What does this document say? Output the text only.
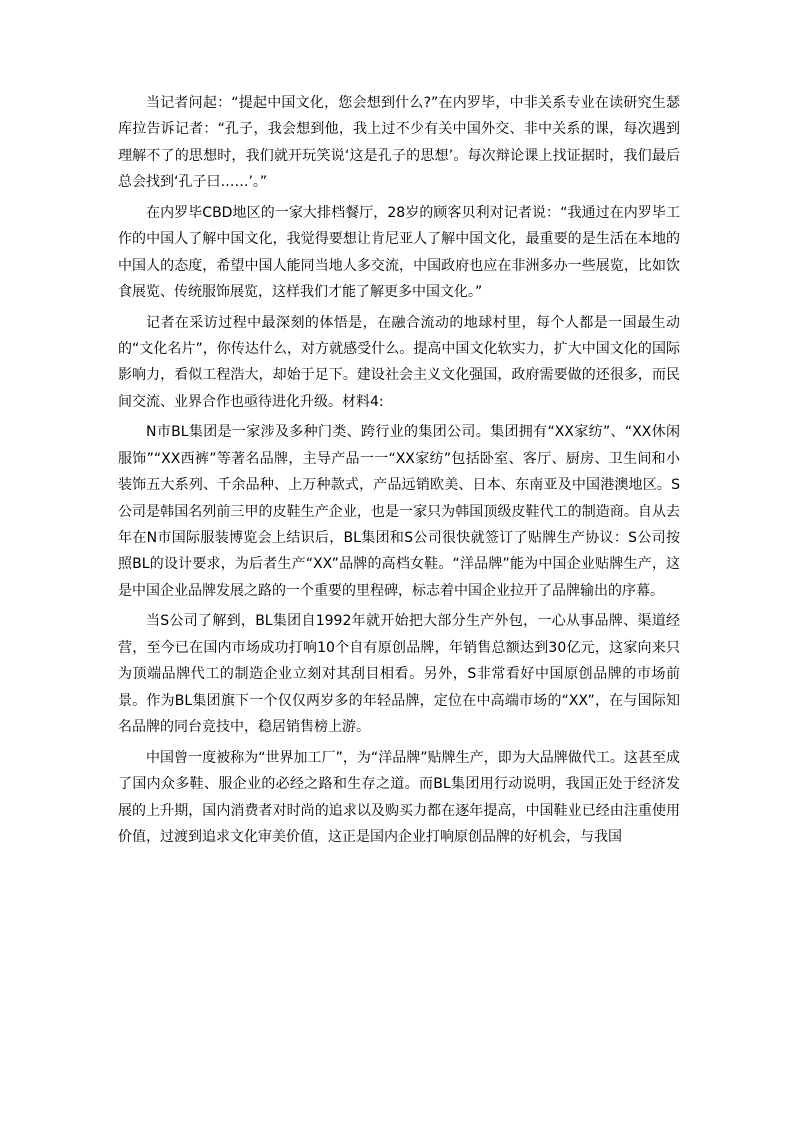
当记者问起：“提起中国文化，您会想到什么?”在内罗毕，中非关系专业在读研究生瑟库拉告诉记者：“孔子，我会想到他，我上过不少有关中国外交、非中关系的课，每次遇到理解不了的思想时，我们就开玩笑说‘这是孔子的思想’。每次辩论课上找证据时，我们最后总会找到‘孔子曰……’。”

在内罗毕CBD地区的一家大排档餐厅，28岁的顾客贝利对记者说：“我通过在内罗毕工作的中国人了解中国文化，我觉得要想让肯尼亚人了解中国文化，最重要的是生活在本地的中国人的态度，希望中国人能同当地人多交流，中国政府也应在非洲多办一些展览，比如饮食展览、传统服饰展览，这样我们才能了解更多中国文化。”

记者在采访过程中最深刻的体悟是，在融合流动的地球村里，每个人都是一国最生动的“文化名片”，你传达什么，对方就感受什么。提高中国文化软实力，扩大中国文化的国际影响力，看似工程浩大，却始于足下。建设社会主义文化强国，政府需要做的还很多，而民间交流、业界合作也亟待进化升级。材料4:

N市BL集团是一家涉及多种门类、跨行业的集团公司。集团拥有“XX家纺”、“XX休闲服饰”“XX西裤”等著名品牌，主导产品一一“XX家纺”包括卧室、客厅、厨房、卫生间和小装饰五大系列、千余品种、上万种款式，产品远销欧美、日本、东南亚及中国港澳地区。S公司是韩国名列前三甲的皮鞋生产企业，也是一家只为韩国顶级皮鞋代工的制造商。自从去年在N市国际服装博览会上结识后，BL集团和S公司很快就签订了贴牌生产协议：S公司按照BL的设计要求，为后者生产“XX”品牌的高档女鞋。“洋品牌”能为中国企业贴牌生产，这是中国企业品牌发展之路的一个重要的里程碑，标志着中国企业拉开了品牌输出的序幕。

当S公司了解到，BL集团自1992年就开始把大部分生产外包，一心从事品牌、渠道经营，至今已在国内市场成功打响10个自有原创品牌，年销售总额达到30亿元，这家向来只为顶端品牌代工的制造企业立刻对其刮目相看。另外，S非常看好中国原创品牌的市场前景。作为BL集团旗下一个仅仅两岁多的年轻品牌，定位在中高端市场的“XX”，在与国际知名品牌的同台竞技中，稳居销售榜上游。

中国曾一度被称为“世界加工厂”，为“洋品牌”贴牌生产，即为大品牌做代工。这甚至成了国内众多鞋、服企业的必经之路和生存之道。而BL集团用行动说明，我国正处于经济发展的上升期，国内消费者对时尚的追求以及购买力都在逐年提高，中国鞋业已经由注重使用价值，过渡到追求文化审美价值，这正是国内企业打响原创品牌的好机会，与我国
